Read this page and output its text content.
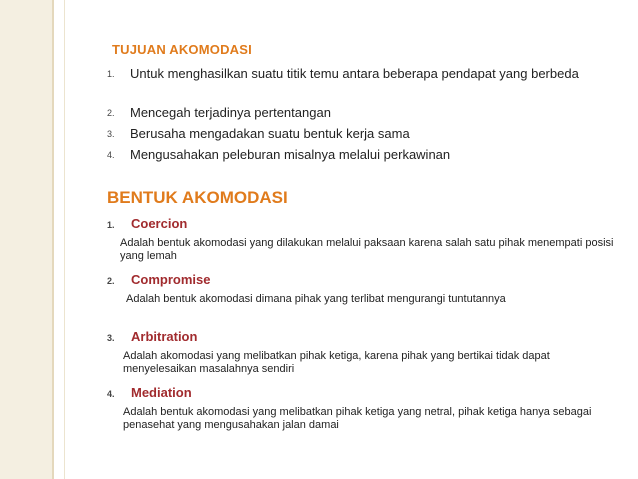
TUJUAN AKOMODASI
1.	Untuk menghasilkan suatu titik temu antara beberapa pendapat yang berbeda
2.	Mencegah terjadinya pertentangan
3.	Berusaha mengadakan suatu bentuk kerja sama
4.	Mengusahakan peleburan misalnya melalui perkawinan
BENTUK AKOMODASI
1. Coercion
Adalah bentuk akomodasi yang dilakukan melalui paksaan karena salah satu pihak menempati posisi yang lemah
2. Compromise
Adalah bentuk akomodasi dimana pihak yang terlibat mengurangi tuntutannya
3. Arbitration
Adalah akomodasi yang melibatkan pihak ketiga, karena pihak yang bertikai tidak dapat menyelesaikan masalahnya sendiri
4. Mediation
Adalah bentuk akomodasi yang melibatkan pihak ketiga yang netral, pihak ketiga hanya sebagai penasehat yang mengusahakan jalan damai
